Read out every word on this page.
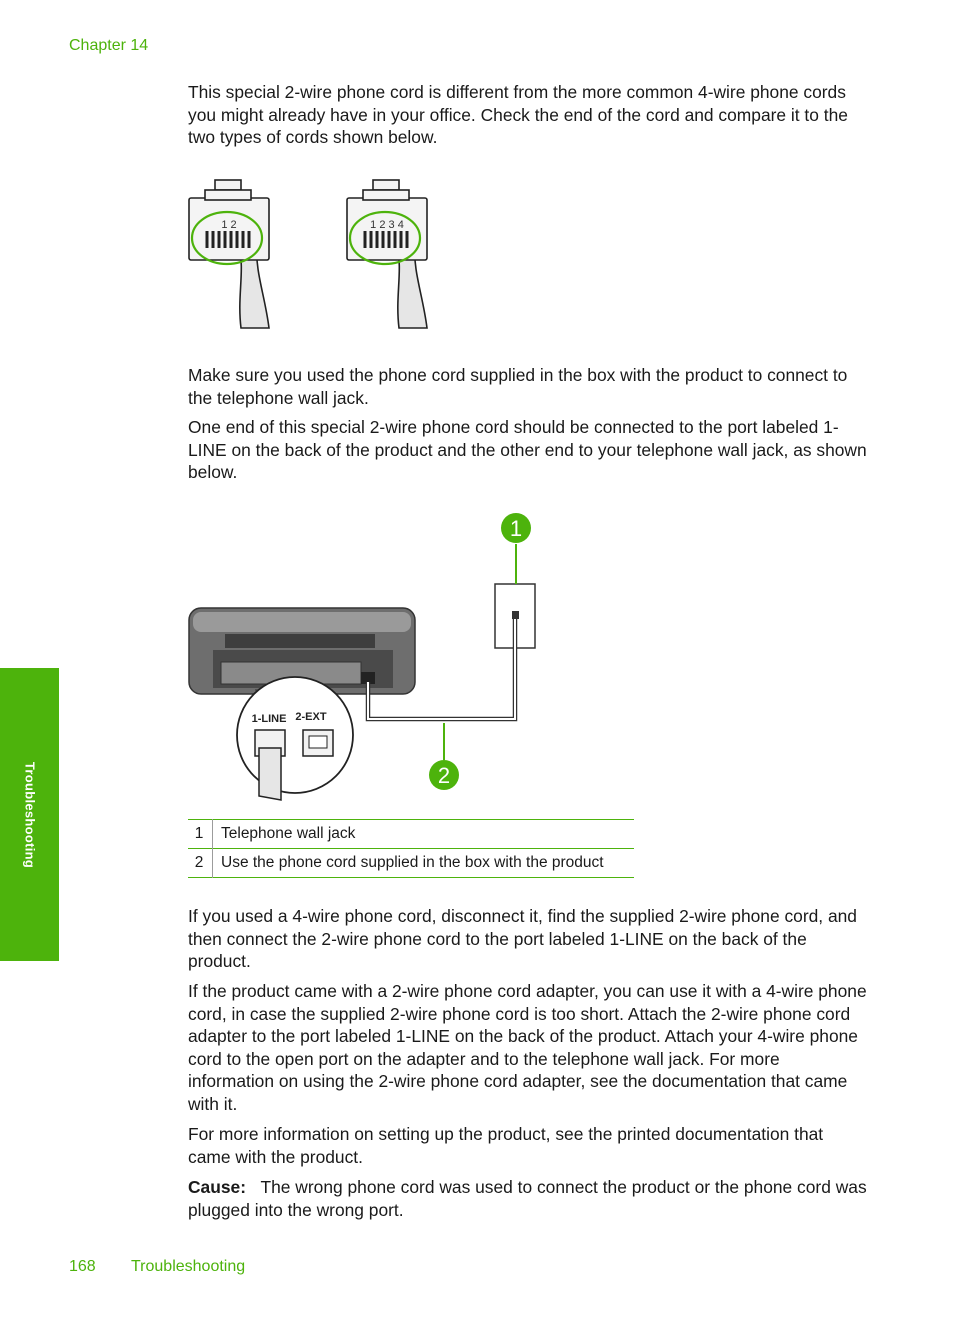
Chapter 14

This special 2-wire phone cord is different from the more common 4-wire phone cords you might already have in your office. Check the end of the cord and compare it to the two types of cords shown below.

1 2	1 2 3 4

Make sure you used the phone cord supplied in the box with the product to connect to the telephone wall jack.

One end of this special 2-wire phone cord should be connected to the port labeled 1-LINE on the back of the product and the other end to your telephone wall jack, as shown below.

1
2
1-LINE 2-EXT
1	Telephone wall jack
2	Use the phone cord supplied in the box with the product

If you used a 4-wire phone cord, disconnect it, find the supplied 2-wire phone cord, and then connect the 2-wire phone cord to the port labeled 1-LINE on the back of the product.

If the product came with a 2-wire phone cord adapter, you can use it with a 4-wire phone cord, in case the supplied 2-wire phone cord is too short. Attach the 2-wire phone cord adapter to the port labeled 1-LINE on the back of the product. Attach your 4-wire phone cord to the open port on the adapter and to the telephone wall jack. For more information on using the 2-wire phone cord adapter, see the documentation that came with it.

For more information on setting up the product, see the printed documentation that came with the product.

Cause: The wrong phone cord was used to connect the product or the phone cord was plugged into the wrong port.

Troubleshooting
168 Troubleshooting
